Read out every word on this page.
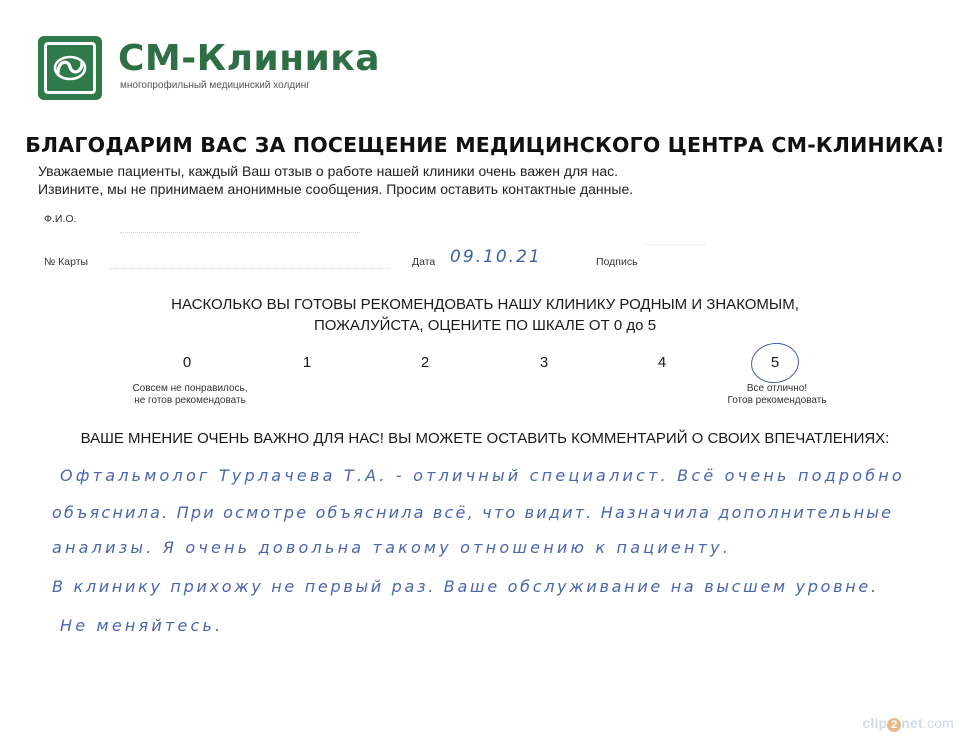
СМ-Клиника
многопрофильный медицинский холдинг
БЛАГОДАРИМ ВАС ЗА ПОСЕЩЕНИЕ МЕДИЦИНСКОГО ЦЕНТРА СМ-КЛИНИКА!
Уважаемые пациенты, каждый Ваш отзыв о работе нашей клиники очень важен для нас.
Извините, мы не принимаем анонимные сообщения. Просим оставить контактные данные.
Ф.И.О.
№ Карты	Дата 09.10.21	Подпись
НАСКОЛЬКО ВЫ ГОТОВЫ РЕКОМЕНДОВАТЬ НАШУ КЛИНИКУ РОДНЫМ И ЗНАКОМЫМ,
ПОЖАЛУЙСТА, ОЦЕНИТЕ ПО ШКАЛЕ ОТ 0 до 5
0	1	2	3	4	5
Совсем не понравилось,
не готов рекомендовать
Все отлично!
Готов рекомендовать
ВАШЕ МНЕНИЕ ОЧЕНЬ ВАЖНО ДЛЯ НАС! ВЫ МОЖЕТЕ ОСТАВИТЬ КОММЕНТАРИЙ О СВОИХ ВПЕЧАТЛЕНИЯХ:
Офтальмолог Турлачева Т.А. - отличный специалист. Всё очень подробно
объяснила. При осмотре объяснила всё, что видит. Назначила дополнительные
анализы. Я очень довольна такому отношению к пациенту.
В клинику прихожу не первый раз. Ваше обслуживание на высшем уровне.
Не меняйтесь.
clip 2 net.com
